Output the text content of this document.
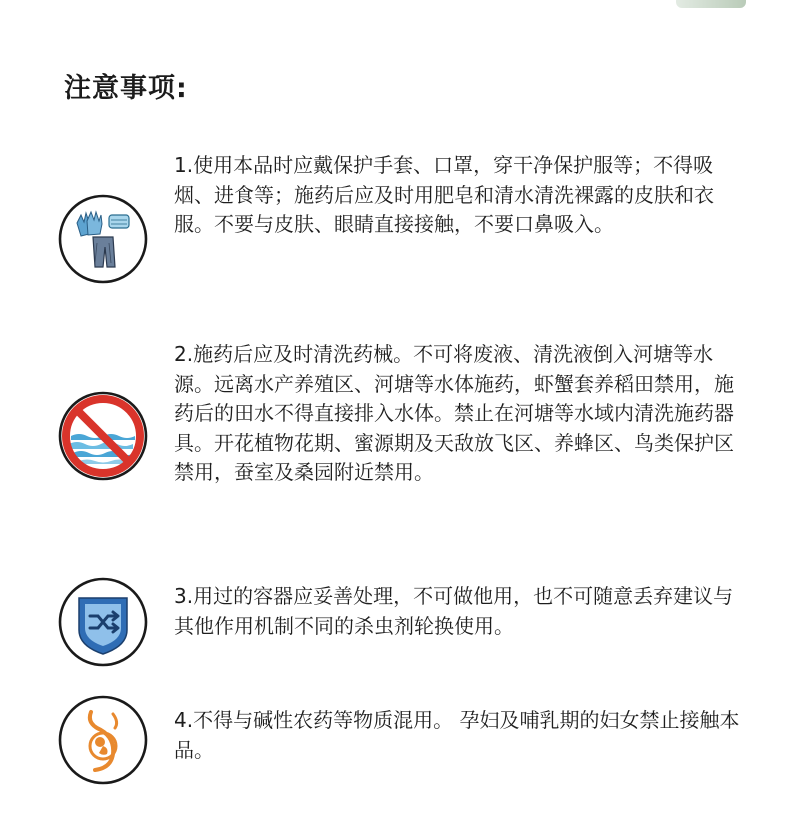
注意事项:

1.使用本品时应戴保护手套、口罩，穿干净保护服等；不得吸烟、进食等；施药后应及时用肥皂和清水清洗裸露的皮肤和衣服。不要与皮肤、眼睛直接接触，不要口鼻吸入。

2.施药后应及时清洗药械。不可将废液、清洗液倒入河塘等水源。远离水产养殖区、河塘等水体施药，虾蟹套养稻田禁用，施药后的田水不得直接排入水体。禁止在河塘等水域内清洗施药器具。开花植物花期、蜜源期及天敌放飞区、养蜂区、鸟类保护区禁用，蚕室及桑园附近禁用。

3.用过的容器应妥善处理，不可做他用，也不可随意丢弃建议与其他作用机制不同的杀虫剂轮换使用。

4.不得与碱性农药等物质混用。 孕妇及哺乳期的妇女禁止接触本品。
